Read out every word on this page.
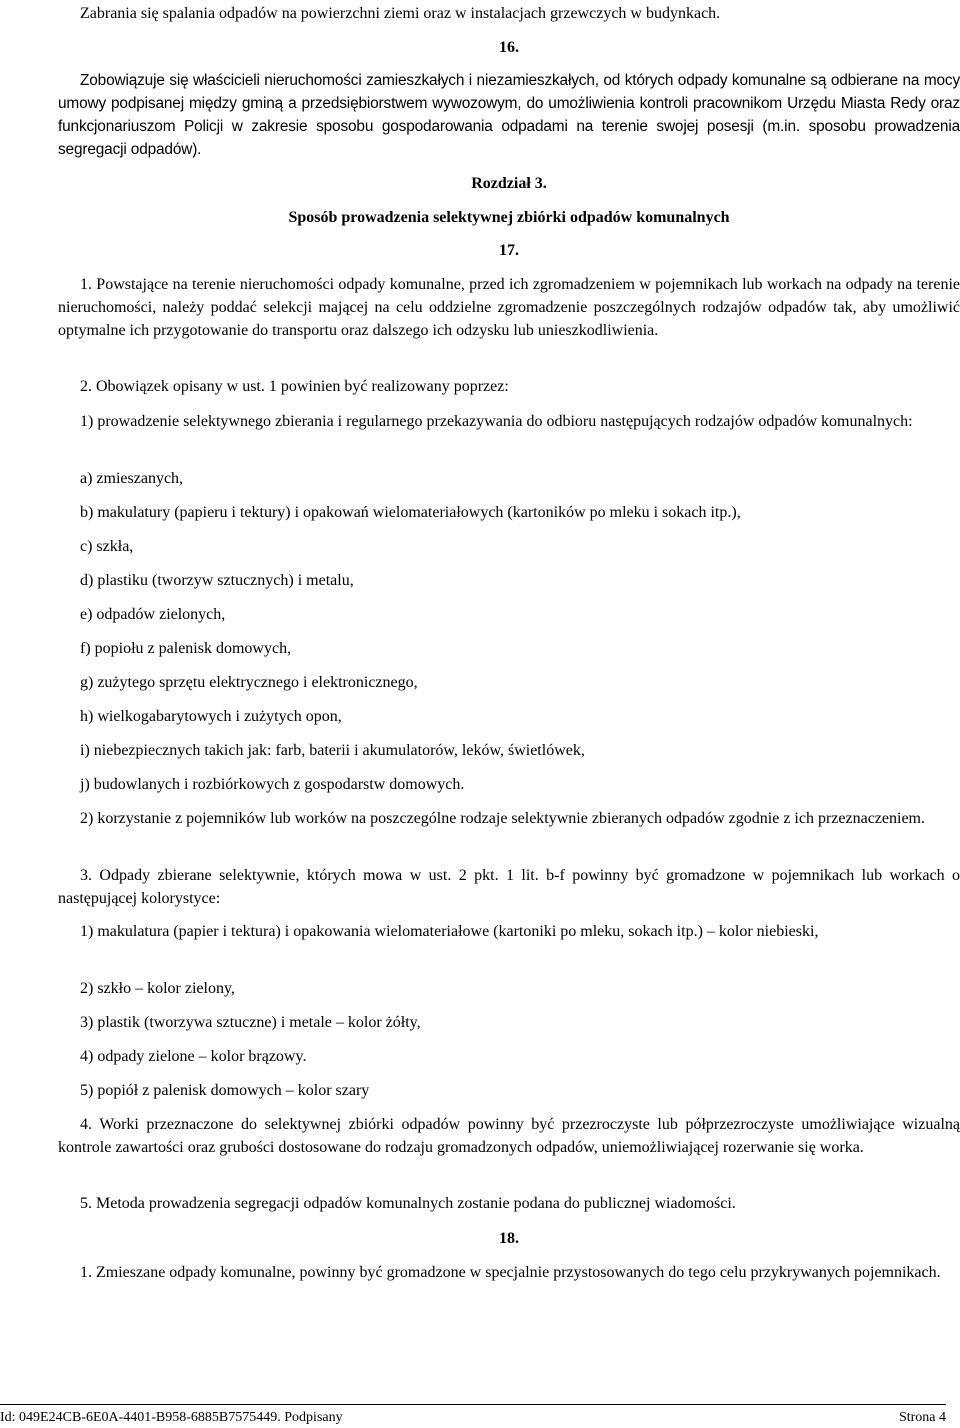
Zabrania się spalania odpadów na powierzchni ziemi oraz w instalacjach grzewczych w budynkach.

16.

Zobowiązuje się właścicieli nieruchomości zamieszkałych i niezamieszkałych, od których odpady komunalne są odbierane na mocy umowy podpisanej między gminą a przedsiębiorstwem wywozowym, do umożliwienia kontroli pracownikom Urzędu Miasta Redy oraz funkcjonariuszom Policji w zakresie sposobu gospodarowania odpadami na terenie swojej posesji (m.in. sposobu prowadzenia segregacji odpadów).

Rozdział 3.

Sposób prowadzenia selektywnej zbiórki odpadów komunalnych

17.

1. Powstające na terenie nieruchomości odpady komunalne, przed ich zgromadzeniem w pojemnikach lub workach na odpady na terenie nieruchomości, należy poddać selekcji mającej na celu oddzielne zgromadzenie poszczególnych rodzajów odpadów tak, aby umożliwić optymalne ich przygotowanie do transportu oraz dalszego ich odzysku lub unieszkodliwienia.

2. Obowiązek opisany w ust. 1 powinien być realizowany poprzez:

1) prowadzenie selektywnego zbierania i regularnego przekazywania do odbioru następujących rodzajów odpadów komunalnych:

a) zmieszanych,

b) makulatury (papieru i tektury) i opakowań wielomateriałowych (kartoników po mleku i sokach itp.),

c) szkła,

d) plastiku (tworzyw sztucznych) i metalu,

e) odpadów zielonych,

f) popiołu z palenisk domowych,

g) zużytego sprzętu elektrycznego i elektronicznego,

h) wielkogabarytowych i zużytych opon,

i) niebezpiecznych takich jak: farb, baterii i akumulatorów, leków, świetlówek,

j) budowlanych i rozbiórkowych z gospodarstw domowych.

2) korzystanie z pojemników lub worków na poszczególne rodzaje selektywnie zbieranych odpadów zgodnie z ich przeznaczeniem.

3. Odpady zbierane selektywnie, których mowa w ust. 2 pkt. 1 lit. b-f powinny być gromadzone w pojemnikach lub workach o następującej kolorystyce:

1) makulatura (papier i tektura) i opakowania wielomateriałowe (kartoniki po mleku, sokach itp.) – kolor niebieski,

2) szkło – kolor zielony,

3) plastik (tworzywa sztuczne) i metale – kolor żółty,

4) odpady zielone – kolor brązowy.

5) popiół z palenisk domowych – kolor szary

4. Worki przeznaczone do selektywnej zbiórki odpadów powinny być przezroczyste lub półprzezroczyste umożliwiające wizualną kontrole zawartości oraz grubości dostosowane do rodzaju gromadzonych odpadów, uniemożliwiającej rozerwanie się worka.

5. Metoda prowadzenia segregacji odpadów komunalnych zostanie podana do publicznej wiadomości.

18.

1. Zmieszane odpady komunalne, powinny być gromadzone w specjalnie przystosowanych do tego celu przykrywanych pojemnikach.

Id: 049E24CB-6E0A-4401-B958-6885B7575449. Podpisany	Strona 4
